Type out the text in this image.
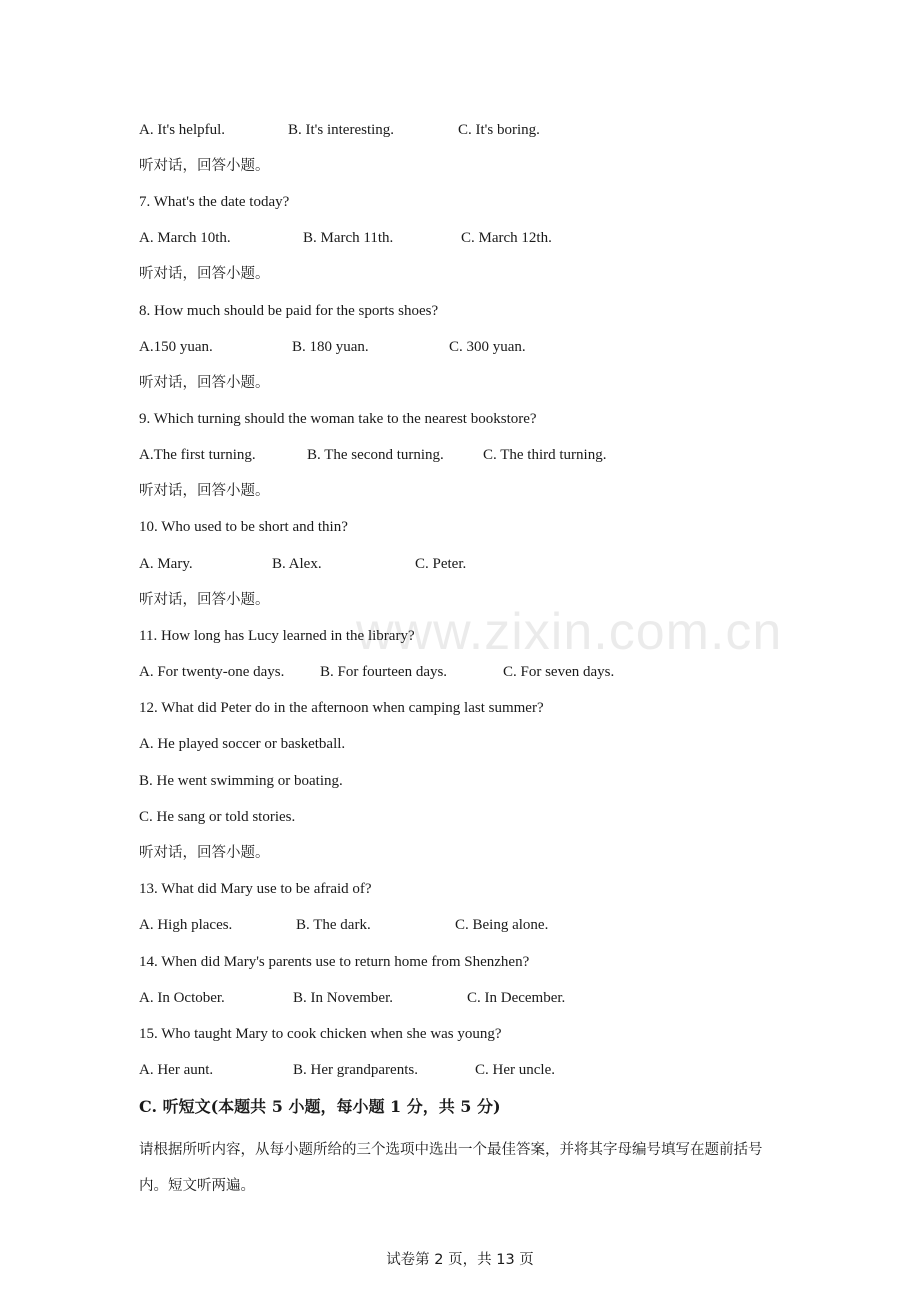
www.zixin.com.cn
A. It's helpful.	B. It's interesting.	C. It's boring.
听对话，回答小题。
7. What's the date today?
A. March 10th.	B. March 11th.	C. March 12th.
听对话，回答小题。
8. How much should be paid for the sports shoes?
A.150 yuan.	B. 180 yuan.	C. 300 yuan.
听对话，回答小题。
9. Which turning should the woman take to the nearest bookstore?
A.The first turning.	B. The second turning.	C. The third turning.
听对话，回答小题。
10. Who used to be short and thin?
A. Mary.	B. Alex.	C. Peter.
听对话，回答小题。
11. How long has Lucy learned in the library?
A. For twenty-one days. B. For fourteen days.	C. For seven days.
12. What did Peter do in the afternoon when camping last summer?
A. He played soccer or basketball.
B. He went swimming or boating.
C. He sang or told stories.
听对话，回答小题。
13. What did Mary use to be afraid of?
A. High places.	B. The dark.	C. Being alone.
14. When did Mary's parents use to return home from Shenzhen?
A. In October.	B. In November.	C. In December.
15. Who taught Mary to cook chicken when she was young?
A. Her aunt.	B. Her grandparents.	C. Her uncle.
C. 听短文(本题共 5 小题，每小题 1 分，共 5 分)
请根据所听内容，从每小题所给的三个选项中选出一个最佳答案，并将其字母编号填写在题前括号内。短文听两遍。
试卷第 2 页，共 13 页
